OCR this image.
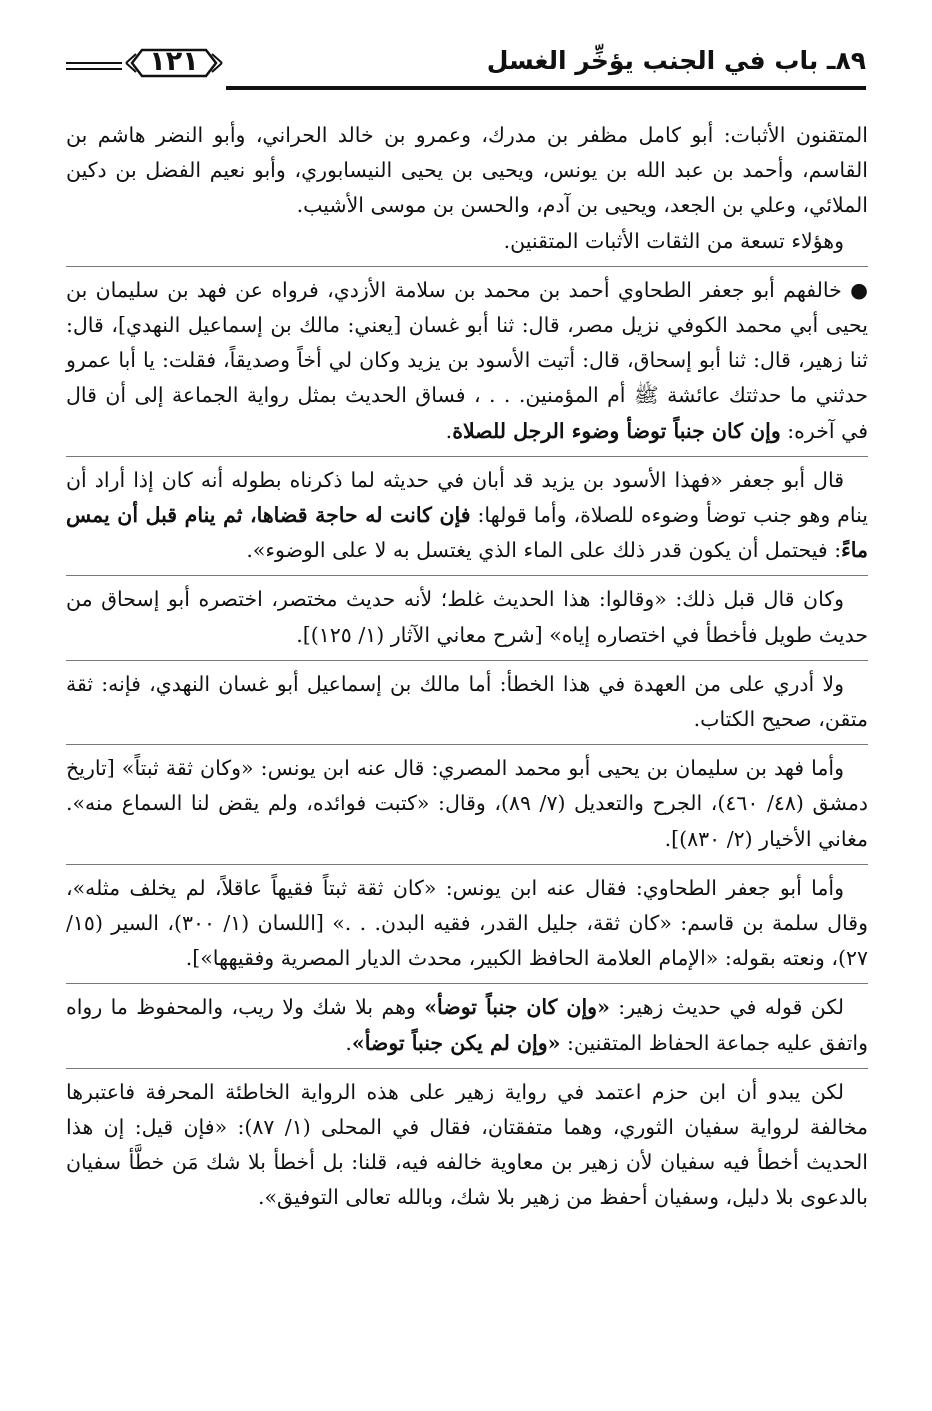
٨٩ـ باب في الجنب يؤخِّر الغسل
١٢١

المتقنون الأثبات: أبو كامل مظفر بن مدرك، وعمرو بن خالد الحراني، وأبو النضر هاشم بن القاسم، وأحمد بن عبد الله بن يونس، ويحيى بن يحيى النيسابوري، وأبو نعيم الفضل بن دكين الملائي، وعلي بن الجعد، ويحيى بن آدم، والحسن بن موسى الأشيب.

وهؤلاء تسعة من الثقات الأثبات المتقنين.

● خالفهم أبو جعفر الطحاوي أحمد بن محمد بن سلامة الأزدي، فرواه عن فهد بن سليمان بن يحيى أبي محمد الكوفي نزيل مصر، قال: ثنا أبو غسان [يعني: مالك بن إسماعيل النهدي]، قال: ثنا زهير، قال: ثنا أبو إسحاق، قال: أتيت الأسود بن يزيد وكان لي أخاً وصديقاً، فقلت: يا أبا عمرو حدثني ما حدثتك عائشة ﷺ أم المؤمنين. . . ، فساق الحديث بمثل رواية الجماعة إلى أن قال في آخره: وإن كان جنباً توضأ وضوء الرجل للصلاة.

قال أبو جعفر «فهذا الأسود بن يزيد قد أبان في حديثه لما ذكرناه بطوله أنه كان إذا أراد أن ينام وهو جنب توضأ وضوءه للصلاة، وأما قولها: فإن كانت له حاجة قضاها، ثم ينام قبل أن يمس ماءً: فيحتمل أن يكون قدر ذلك على الماء الذي يغتسل به لا على الوضوء».

وكان قال قبل ذلك: «وقالوا: هذا الحديث غلط؛ لأنه حديث مختصر، اختصره أبو إسحاق من حديث طويل فأخطأ في اختصاره إياه» [شرح معاني الآثار (١/ ١٢٥)].

ولا أدري على من العهدة في هذا الخطأ: أما مالك بن إسماعيل أبو غسان النهدي، فإنه: ثقة متقن، صحيح الكتاب.

وأما فهد بن سليمان بن يحيى أبو محمد المصري: قال عنه ابن يونس: «وكان ثقة ثبتاً» [تاريخ دمشق (٤٨/ ٤٦٠)، الجرح والتعديل (٧/ ٨٩)، وقال: «كتبت فوائده، ولم يقض لنا السماع منه». مغاني الأخيار (٢/ ٨٣٠)].

وأما أبو جعفر الطحاوي: فقال عنه ابن يونس: «كان ثقة ثبتاً فقيهاً عاقلاً، لم يخلف مثله»، وقال سلمة بن قاسم: «كان ثقة، جليل القدر، فقيه البدن. . .» [اللسان (١/ ٣٠٠)، السير (١٥/ ٢٧)، ونعته بقوله: «الإمام العلامة الحافظ الكبير، محدث الديار المصرية وفقيهها»].

لكن قوله في حديث زهير: «وإن كان جنباً توضأ» وهم بلا شك ولا ريب، والمحفوظ ما رواه واتفق عليه جماعة الحفاظ المتقنين: «وإن لم يكن جنباً توضأ».

لكن يبدو أن ابن حزم اعتمد في رواية زهير على هذه الرواية الخاطئة المحرفة فاعتبرها مخالفة لرواية سفيان الثوري، وهما متفقتان، فقال في المحلى (١/ ٨٧): «فإن قيل: إن هذا الحديث أخطأ فيه سفيان لأن زهير بن معاوية خالفه فيه، قلنا: بل أخطأ بلا شك مَن خطَّأ سفيان بالدعوى بلا دليل، وسفيان أحفظ من زهير بلا شك، وبالله تعالى التوفيق».
